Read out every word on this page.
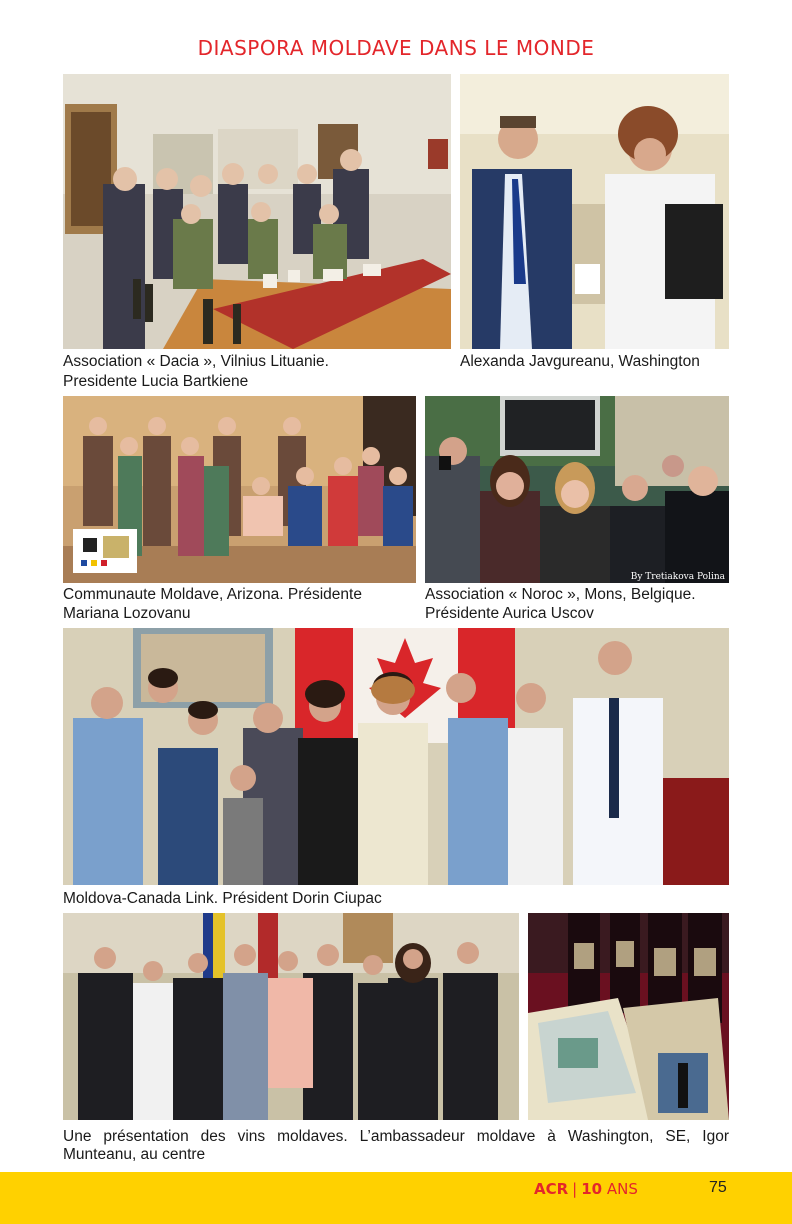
DIASPORA MOLDAVE DANS LE MONDE
Association « Dacia », Vilnius Lituanie.
Presidente Lucia Bartkiene
Alexanda Javgureanu, Washington
By Tretiakova Polina
Communaute Moldave, Arizona. Présidente
Mariana Lozovanu
Association « Noroc », Mons, Belgique.
Présidente Aurica Uscov
Moldova-Canada Link. Président Dorin Ciupac
Une présentation des vins moldaves. L’ambassadeur moldave à Washington, SE, Igor Munteanu, au centre
ACR | 10 ANS	75
